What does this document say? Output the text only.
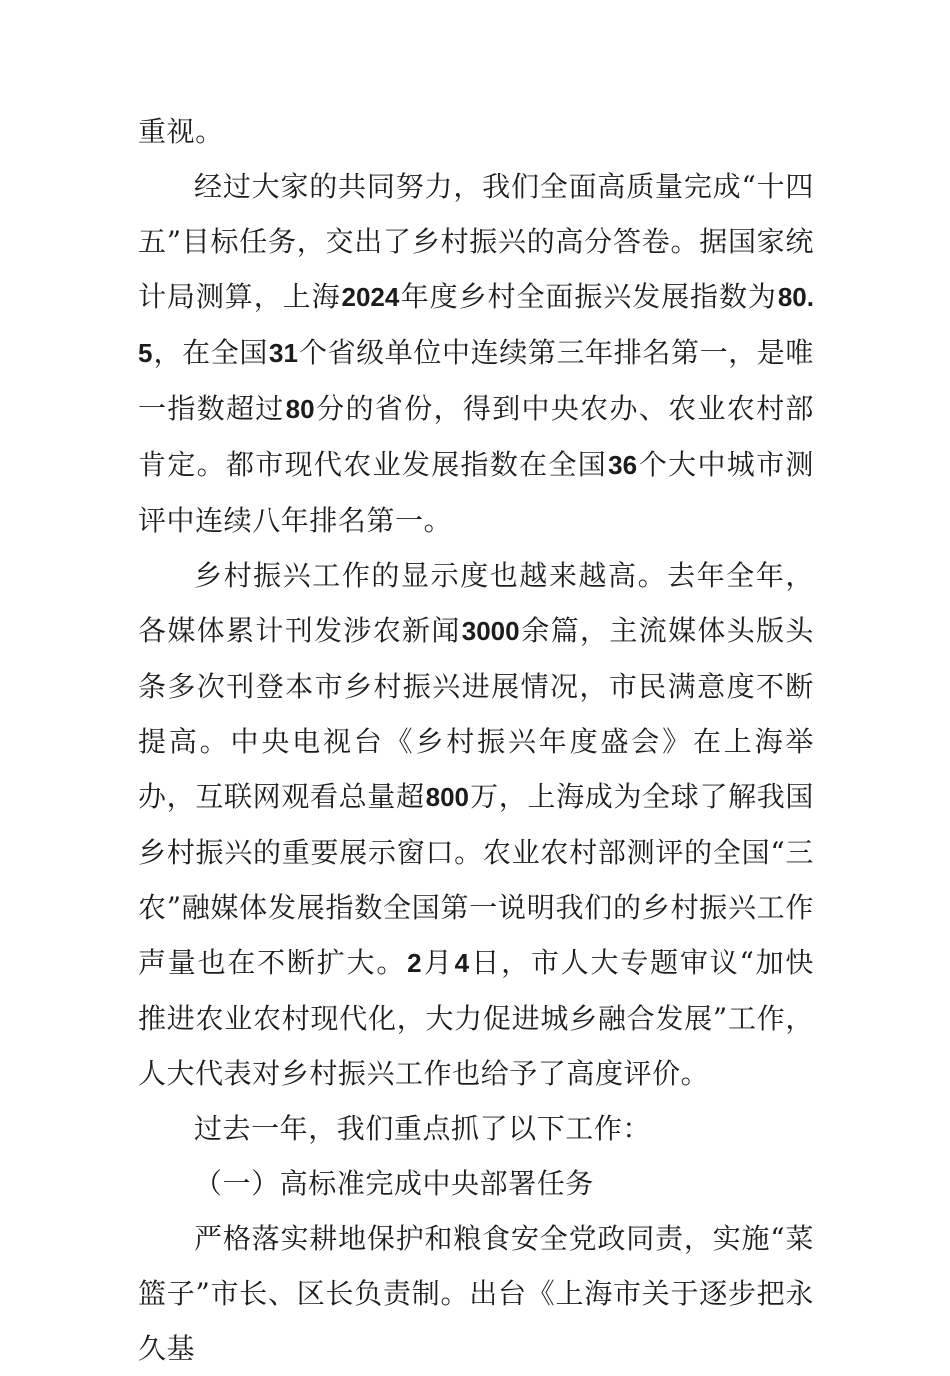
重视。

经过大家的共同努力，我们全面高质量完成“十四五”目标任务，交出了乡村振兴的高分答卷。据国家统计局测算，上海2024年度乡村全面振兴发展指数为80.5，在全国31个省级单位中连续第三年排名第一，是唯一指数超过80分的省份，得到中央农办、农业农村部肯定。都市现代农业发展指数在全国36个大中城市测评中连续八年排名第一。

乡村振兴工作的显示度也越来越高。去年全年，各媒体累计刊发涉农新闻3000余篇，主流媒体头版头条多次刊登本市乡村振兴进展情况，市民满意度不断提高。中央电视台《乡村振兴年度盛会》在上海举办，互联网观看总量超800万，上海成为全球了解我国乡村振兴的重要展示窗口。农业农村部测评的全国“三农”融媒体发展指数全国第一说明我们的乡村振兴工作声量也在不断扩大。2月4日，市人大专题审议“加快推进农业农村现代化，大力促进城乡融合发展”工作，人大代表对乡村振兴工作也给予了高度评价。

过去一年，我们重点抓了以下工作：

（一）高标准完成中央部署任务

严格落实耕地保护和粮食安全党政同责，实施“菜篮子”市长、区长负责制。出台《上海市关于逐步把永久基
